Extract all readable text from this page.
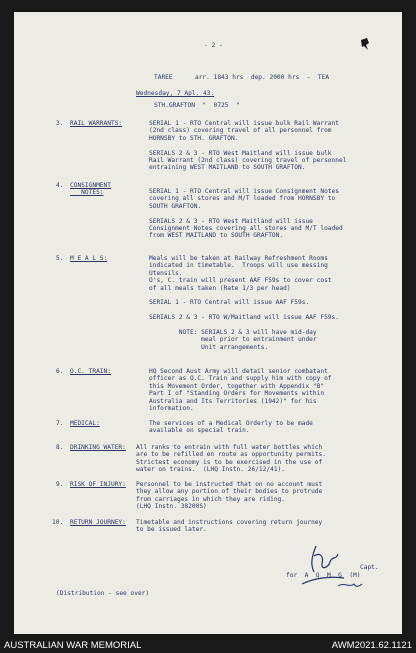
- 2 -
TAREE      arr. 1843 hrs  dep. 2000 hrs  -  TEA
Wednesday, 7 Apl. 43.
STH.GRAFTON  "  0725  "
3. RAIL WARRANTS:	SERIAL 1 - RTO Central will issue bulk Rail Warrant
(2nd class) covering travel of all personnel from
HORNSBY to STH. GRAFTON.

SERIALS 2 & 3 - RTO West Maitland will issue bulk
Rail Warrant (2nd class) covering travel of personnel
entraining WEST MAITLAND to SOUTH GRAFTON.
4. CONSIGNMENT
NOTES:	SERIAL 1 - RTO Central will issue Consignment Notes
covering all stores and M/T loaded from HORNSBY to
SOUTH GRAFTON.

SERIALS 2 & 3 - RTO West Maitland will issue
Consignment Notes covering all stores and M/T loaded
from WEST MAITLAND to SOUTH GRAFTON.
5. M E A L S:	Meals will be taken at Railway Refreshment Rooms
indicated in timetable.  Troops will use messing
Utensils.
O's, C. train will present AAF F59s to cover cost
of all meals taken (Rate 1/3 per head)

SERIAL 1 - RTO Central will issue AAF F59s.

SERIALS 2 & 3 - RTO W/Maitland will issue AAF F59s.

NOTE: SERIALS 2 & 3 will have mid-day
meal prior to entrainment under
Unit arrangements.
6. O.C. TRAIN:	HQ Second Aust Army will detail senior combatant
officer as O.C. Train and supply him with copy of
this Movement Order, together with Appendix "B"
Part I of "Standing Orders for Movements within
Australia and Its Territories (1942)" for his
information.
7. MEDICAL:	The services of a Medical Orderly to be made
available on special train.
8. DRINKING WATER: All ranks to entrain with full water bottles which
are to be refilled en route as opportunity permits.
Strictest economy is to be exercised in the use of
water on trains.  (LHQ Instn. 26/12/41).
9. RISK OF INJURY: Personnel to be instructed that on no account must
they allow any portion of their bodies to protrude
from carriages in which they are riding.
(LHQ Instn. 38200S)
10. RETURN JOURNEY: Timetable and instructions covering return journey
to be issued later.
Capt.
for  A  Q  M  G  (M)
(Distribution - see over)
AUSTRALIAN WAR MEMORIAL	AWM2021.62.1121
